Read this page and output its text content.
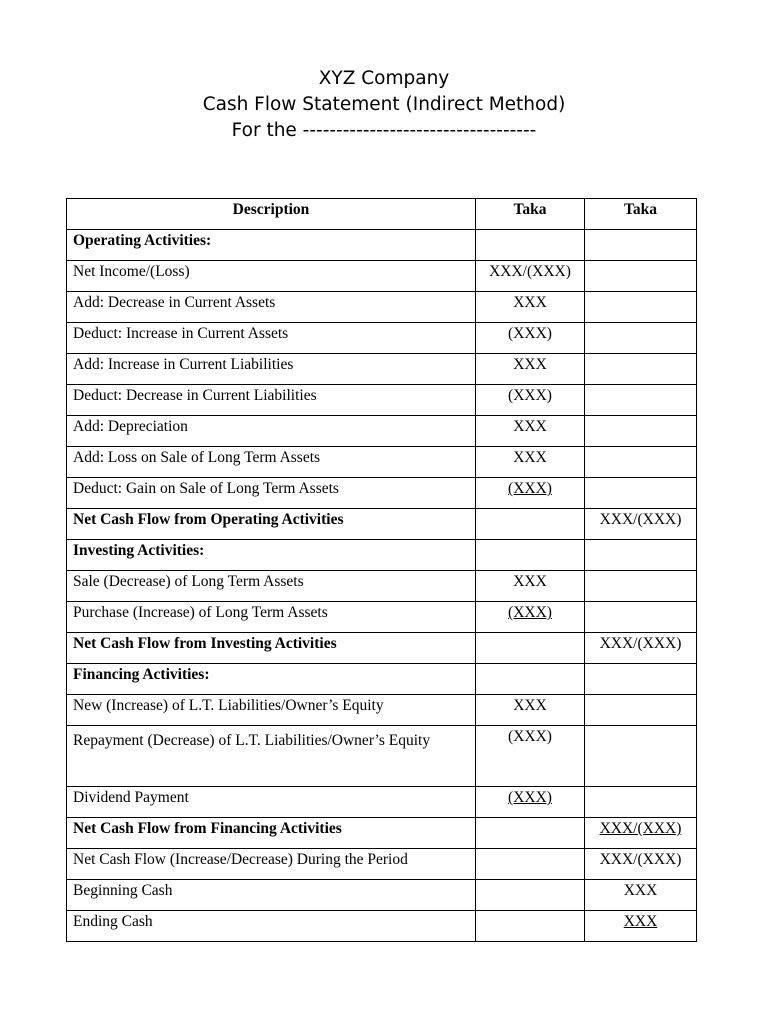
XYZ Company
Cash Flow Statement (Indirect Method)
For the -----------------------------------
Description	Taka	Taka
Operating Activities:		
Net Income/(Loss)	XXX/(XXX)	
Add: Decrease in Current Assets	XXX	
Deduct: Increase in Current Assets	(XXX)	
Add: Increase in Current Liabilities	XXX	
Deduct: Decrease in Current Liabilities	(XXX)	
Add: Depreciation	XXX	
Add: Loss on Sale of Long Term Assets	XXX	
Deduct: Gain on Sale of Long Term Assets	(XXX)	
Net Cash Flow from Operating Activities		XXX/(XXX)
Investing Activities:		
Sale (Decrease) of Long Term Assets	XXX	
Purchase (Increase) of Long Term Assets	(XXX)	
Net Cash Flow from Investing Activities		XXX/(XXX)
Financing Activities:		
New (Increase) of L.T. Liabilities/Owner’s Equity	XXX	
Repayment (Decrease) of L.T. Liabilities/Owner’s Equity	(XXX)	
Dividend Payment	(XXX)	
Net Cash Flow from Financing Activities		XXX/(XXX)
Net Cash Flow (Increase/Decrease) During the Period		XXX/(XXX)
Beginning Cash		XXX
Ending Cash		XXX
